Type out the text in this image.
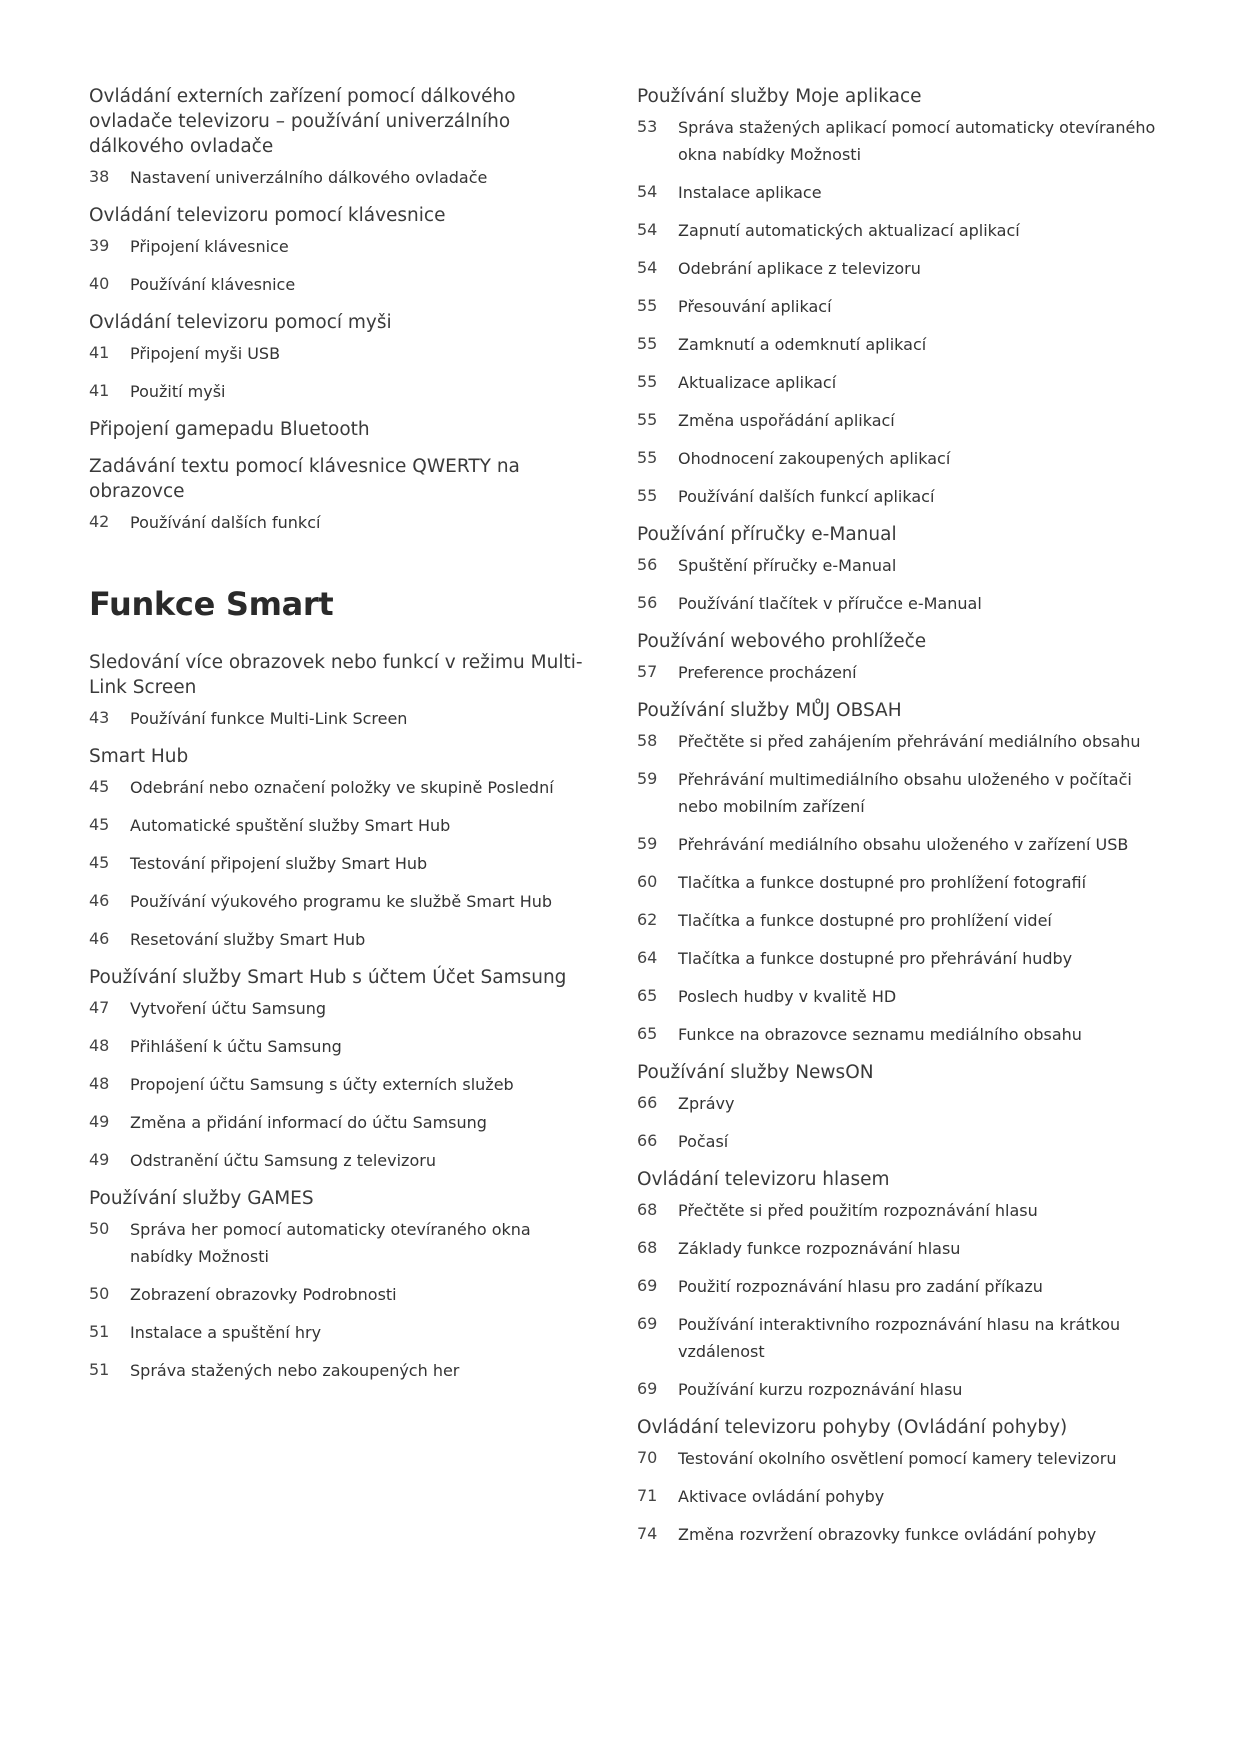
Ovládání externích zařízení pomocí dálkového ovladače televizoru – používání univerzálního dálkového ovladače
38	Nastavení univerzálního dálkového ovladače
Ovládání televizoru pomocí klávesnice
39	Připojení klávesnice
40	Používání klávesnice
Ovládání televizoru pomocí myši
41	Připojení myši USB
41	Použití myši
Připojení gamepadu Bluetooth
Zadávání textu pomocí klávesnice QWERTY na obrazovce
42	Používání dalších funkcí
Funkce Smart
Sledování více obrazovek nebo funkcí v režimu Multi-Link Screen
43	Používání funkce Multi-Link Screen
Smart Hub
45	Odebrání nebo označení položky ve skupině Poslední
45	Automatické spuštění služby Smart Hub
45	Testování připojení služby Smart Hub
46	Používání výukového programu ke službě Smart Hub
46	Resetování služby Smart Hub
Používání služby Smart Hub s účtem Účet Samsung
47	Vytvoření účtu Samsung
48	Přihlášení k účtu Samsung
48	Propojení účtu Samsung s účty externích služeb
49	Změna a přidání informací do účtu Samsung
49	Odstranění účtu Samsung z televizoru
Používání služby GAMES
50	Správa her pomocí automaticky otevíraného okna nabídky Možnosti
50	Zobrazení obrazovky Podrobnosti
51	Instalace a spuštění hry
51	Správa stažených nebo zakoupených her
Používání služby Moje aplikace
53	Správa stažených aplikací pomocí automaticky otevíraného okna nabídky Možnosti
54	Instalace aplikace
54	Zapnutí automatických aktualizací aplikací
54	Odebrání aplikace z televizoru
55	Přesouvání aplikací
55	Zamknutí a odemknutí aplikací
55	Aktualizace aplikací
55	Změna uspořádání aplikací
55	Ohodnocení zakoupených aplikací
55	Používání dalších funkcí aplikací
Používání příručky e-Manual
56	Spuštění příručky e-Manual
56	Používání tlačítek v příručce e-Manual
Používání webového prohlížeče
57	Preference procházení
Používání služby MŮJ OBSAH
58	Přečtěte si před zahájením přehrávání mediálního obsahu
59	Přehrávání multimediálního obsahu uloženého v počítači nebo mobilním zařízení
59	Přehrávání mediálního obsahu uloženého v zařízení USB
60	Tlačítka a funkce dostupné pro prohlížení fotografií
62	Tlačítka a funkce dostupné pro prohlížení videí
64	Tlačítka a funkce dostupné pro přehrávání hudby
65	Poslech hudby v kvalitě HD
65	Funkce na obrazovce seznamu mediálního obsahu
Používání služby NewsON
66	Zprávy
66	Počasí
Ovládání televizoru hlasem
68	Přečtěte si před použitím rozpoznávání hlasu
68	Základy funkce rozpoznávání hlasu
69	Použití rozpoznávání hlasu pro zadání příkazu
69	Používání interaktivního rozpoznávání hlasu na krátkou vzdálenost
69	Používání kurzu rozpoznávání hlasu
Ovládání televizoru pohyby (Ovládání pohyby)
70	Testování okolního osvětlení pomocí kamery televizoru
71	Aktivace ovládání pohyby
74	Změna rozvržení obrazovky funkce ovládání pohyby
